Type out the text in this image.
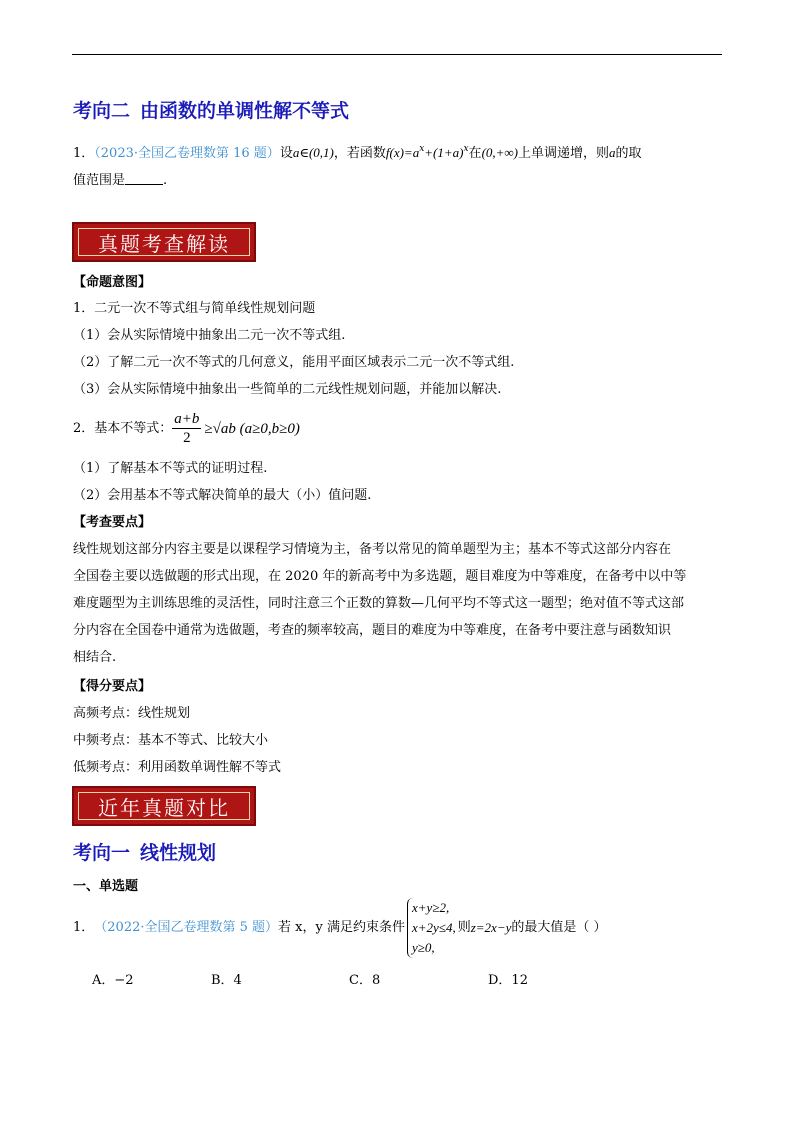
考向二 由函数的单调性解不等式
1．（2023·全国乙卷理数第 16 题）设a∈(0,1)，若函数$f(x)=a^x+(1+a)^x$在(0,+∞)上单调递增，则a的取
值范围是	.
真题考查解读
【命题意图】
1．二元一次不等式组与简单线性规划问题
（1）会从实际情境中抽象出二元一次不等式组.
（2）了解二元一次不等式的几何意义，能用平面区域表示二元一次不等式组.
（3）会从实际情境中抽象出一些简单的二元线性规划问题，并能加以解决.
2．基本不等式： $\frac{a+b}{2} \ge√ab$ (a≥0,b≥0)
（1）了解基本不等式的证明过程.
（2）会用基本不等式解决简单的最大（小）值问题.
【考查要点】
线性规划这部分内容主要是以课程学习情境为主，备考以常见的简单题型为主；基本不等式这部分内容在
全国卷主要以选做题的形式出现，在 2020 年的新高考中为多选题，题目难度为中等难度，在备考中以中等
难度题型为主训练思维的灵活性，同时注意三个正数的算数—几何平均不等式这一题型；绝对值不等式这部
分内容在全国卷中通常为选做题，考查的频率较高，题目的难度为中等难度，在备考中要注意与函数知识
相结合.
【得分要点】
高频考点：线性规划
中频考点：基本不等式、比较大小
低频考点：利用函数单调性解不等式
近年真题对比
考向一 线性规划
一、单选题
1． （2022·全国乙卷理数第 5 题） 若 x，y 满足约束条件
x+y≥2,
x+2y≤4,
y≥0,
则 z=2x−y 的最大值是（ ）
A．−2	B．4	C．8	D．12
